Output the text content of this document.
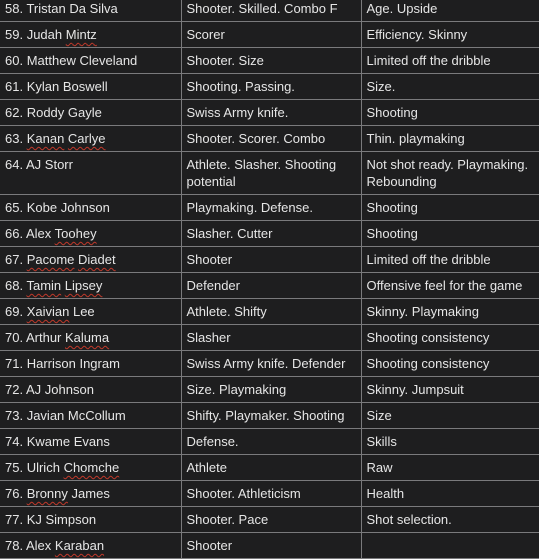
58. Tristan Da Silva	Shooter. Skilled. Combo F	Age. Upside
59. Judah Mintz	Scorer	Efficiency. Skinny
60. Matthew Cleveland	Shooter. Size	Limited off the dribble
61. Kylan Boswell	Shooting. Passing.	Size.
62. Roddy Gayle	Swiss Army knife.	Shooting
63. Kanan Carlye	Shooter. Scorer. Combo	Thin. playmaking
64. AJ Storr	Athlete. Slasher. Shooting potential	Not shot ready. Playmaking. Rebounding
65. Kobe Johnson	Playmaking. Defense.	Shooting
66. Alex Toohey	Slasher. Cutter	Shooting
67. Pacome Diadet	Shooter	Limited off the dribble
68. Tamin Lipsey	Defender	Offensive feel for the game
69. Xaivian Lee	Athlete. Shifty	Skinny. Playmaking
70. Arthur Kaluma	Slasher	Shooting consistency
71. Harrison Ingram	Swiss Army knife. Defender	Shooting consistency
72. AJ Johnson	Size. Playmaking	Skinny. Jumpsuit
73. Javian McCollum	Shifty. Playmaker. Shooting	Size
74. Kwame Evans	Defense.	Skills
75. Ulrich Chomche	Athlete	Raw
76. Bronny James	Shooter. Athleticism	Health
77. KJ Simpson	Shooter. Pace	Shot selection.
78. Alex Karaban	Shooter	
